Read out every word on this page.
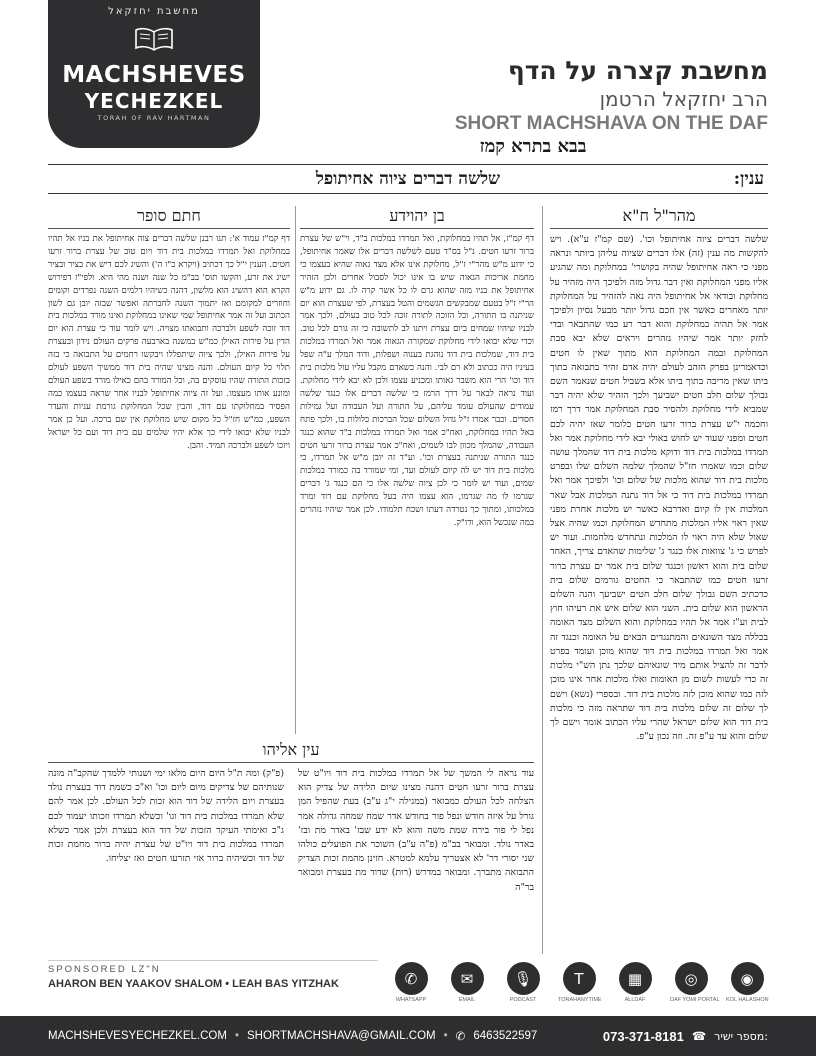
מחשבת יחזקאל
MACHSHEVES
YECHEZKEL
TORAH OF RAV HARTMAN
מחשבת קצרה על הדף
הרב יחזקאל הרטמן
SHORT MACHSHAVA ON THE DAF
בבא בתרא קמז
ענין:
שלשה דברים ציוה אחיתופל
מהר"ל ח"א
שלשה דברים ציוה אחיתופל וכו'. (שם קמ"ז ע"א). ויש להקשות מה ענין (זה) אלו דברים שציוה עליהן ביותר ונראה מפני כי ראה אחיתופל שהיה בקושרי' במחלוקת ומה שהגיע אליו מפני המחלוקת ואין דבר גדול מזה ולפיכך היה מזהיר על מחלוקת ובודאי אל אחיתופל היה נאה להזהיר על המחלוקת יותר מאחרים כאשר אין חכם גדול יותר מבעל נסיון ולפיכך אמר אל תהיה במחלוקת והוא דבר רע כמו שהתבאר ובדי לחזק יותר אמר שיהיו נזהרים ויראים שלא יבא סבת המחלוקת ובמה המחלוקת הוא מתוך שאין לו חטים וכדאמרינן בפרק הזהב לעולם יהיה אדם זהיר בתבואה בתוך ביתו שאין מריבה בתוך ביתו אלא בשביל חטים שנאמר השם גבולך שלום חלב חטים ישביעך ולכך הזהיר שלא יהיה דבר שמביא לידי מחלוקת ולהסיר סבת המחלוקת אמר דרך רמז וחכמה י"ש עצרת ברור זרעו חטים כלומר שאז יהיה לכם חטים ומפני שעוד יש לחוש באולי יבא לידי מחלוקת אמר ואל תמרדו במלכות בית דוד ודוקא מלכות בית דוד שהמלך עושה שלום וכמו שאמרו חז"ל שהמלך שלמה השלום שלו ובפרט מלכות בית דוד שהוא מלכות של שלום וכו' ולפיכך אמר ואל תמרדו במלכות בית דוד כי אל דוד נתנה המלכות אבל שאר המלכות אין לו קיום ואדרבא כאשר יש מלכות אחרת מפני שאין ראוי אליו המלכות מתחדש המחלוקת וכמו שהיה אצל שאול שלא היה ראוי לו המלכות ונתחדש מלחמות. ועוד יש לפרש כי ג' צוואות אלו כנגד ג' שלימות שהאדם צריך, האחד שלום בית והוא ראשון וכנגד שלום בית אמר ים עצרת ברור זרעו חטים כמו שהתבאר כי החטים גורמים שלום בית כדכתיב השם גבולך שלום חלב חטים ישביעך והנה השלום הראשון הוא שלום בית. השני הוא שלום איש את רעיהו חוץ לבית וע"ז אמר אל תהיו במחלוקת והוא השלום מצד האומה בכללה מצד השונאים והמתנגדים הבאים על האומה וכנגד זה אמר ואל תמרדו במלכות בית דוד שהוא מוכן ועומד בפרט לדבר זה להציל אותם מיד שונאיהם שלכך נתן הש"י מלכות זה כדי לעשות לשום מן האומות ואלו מלכות אחר אינו מוכן לזה כמו שהוא מוכן לזה מלכות בית דוד. ובספרי (נשא) וישם לך שלום זה שלום מלכות בית דוד שתראה מזה כי מלכות בית דוד הוא שלום ישראל שהרי עליו הכתוב אומר וישם לך שלום והוא עד ע"פ זה. וזה נכון ע"פ.
בן יהוידע
דף קמ"ז, אל תהיו במחלוקת, ואל תמרדו במלכות ב"ד, וי"ש של עצרת ברור זרעו חטים. נ"ל בס"ד טעם לשלשה דברים אלו שאמר אחיתופל, כי ידוע מ"ש מהר"י ז"ל, מחלוקת אינו אלא מצד גאוה שהיא בעצמו כי מחמת אריכות הגאוה שיש בו אינו יכול לסבול אחרים ולכן הזהיר אחיתופל את בניו מזה שהוא גרם לו כל אשר קרה לו. גם ידוע מ"ש הר"י ז"ל בטעם שמבקשים הגשמים והטל בעצרת, לפי שעצרת הוא יום שניתנה בו התורה, וכל הזוכה לתורה זוכה לכל טוב בעולם, ולכך אמר לבניו שיהיו שמחים ביום עצרת ויתנו לב לתשובה כי זה גורם לכל טוב. וכדי שלא יבואו לידי מחלוקת שמקורה הגאוה אמר ואל תמרדו במלכות בית דוד, שמלכות בית דוד נוהגת בענוה ושפלות, ודוד המלך ע"ה שפל בעיניו היה ככתוב ולא רם לבי. והנה כשאדם מקבל עליו עול מלכות בית דוד וכו' הרי הוא משבר גאותו ומכניע עצמו ולכן לא יבא לידי מחלוקת. ועוד נראה לבאר על דרך הרמז כי שלשה דברים אלו כנגד שלשה עמודים שהעולם עומד עליהם, על התורה ועל העבודה ועל גמילות חסדים. וכבר אמרו ז"ל גדול השלום שכל הברכות כלולות בו, ולכך פתח באל תהיו במחלוקת, ואח"כ אמר ואל תמרדו במלכות ב"ד שהוא כנגד העבודה, שהמלך מכוון לבו לשמים, ואח"כ אמר עצרת ברור זרעו חטים כנגד התורה שניתנה בעצרת וכו'. וע"ד זה יובן מ"ש אל תמרדו, כי מלכות בית דוד יש לה קיום לעולם ועד, ומי שמורד בה כמורד במלכות שמים, ועוד יש לומר כי לכן ציוה שלשה אלו כי הם כנגד ג' דברים שגרמו לו מה שגרמו, הוא עצמו היה בעל מחלוקת עם דוד ומרד במלכותו, ומתוך כך נטרדה דעתו ושכח תלמודו. לכן אמר שיהיו נזהרים במה שנכשל הוא, ודו"ק.
חתם סופר
דף קמ"ז עמוד א': תנו רבנן שלשה דברים צוה אחיתופל את בניו אל תהיו במחלוקת ואל תמרדו במלכות בית דוד ויום טוב של עצרת ברור זרעו חטים. הענין י"ל כך דכתיב (ויקרא כ"ו ה') והשיג לכם דיש את בציר ובציר ישיג את זרע, והקשו תוס' בב"מ כל שנה ושנה מהי היא. ולפי"ז דפירוש הקרא הוא דהשיג הוא מלשון, דהנה כשיהיו דלמים השנה נפרדים וקומים וחוזרים למקומם ואז יתמוך השנה לחברתה ואפשר שבזה יובן גם לשון הכתוב ועל זה אמר אחיתופל שמי שאינו במחלוקת ואינו מורד במלכות בית דוד זוכה לשפע ולברכה ותבואתו מצויה. ויש לומר עוד כי עצרת הוא יום הדין על פירות האילן כמ"ש במשנה בארבעה פרקים העולם נידון ובעצרת על פירות האילן, ולכך ציוה שיתפללו ויבקשו רחמים על התבואה כי בזה תלוי כל קיום העולם. והנה מצינו שהיה בית דוד ממשיך השפע לעולם בזכות התורה שהיו עוסקים בה, וכל המורד בהם כאילו מורד בשפע העולם ומונע אותו מעצמו. ועל זה ציוה אחיתופל לבניו אחר שראה בעצמו כמה הפסיד במחלוקתו עם דוד, והבין שכל המחלוקת גורמת עניות והעדר השפע, כמ"ש חז"ל כל מקום שיש מחלוקת אין שם ברכה. ועל כן אמר לבניו שלא יבואו לידי כך אלא יהיו שלמים עם בית דוד ועם כל ישראל ויזכו לשפע ולברכה תמיד. והבן.
עין אליהו
עוד נראה לי המשך של אל תמרדו במלכות בית דוד ויו"ט של עצרת ברור זרעו חטים דהנה מצינו שיום הלידה של צדיק הוא הצלחה לכל העולם כמבואר (במגילה י"ג ע"ב) בעת שהפיל המן גורל על איזה חודש ונפל פור בחודש אדר שמח שמחה גדולה אמר נפל לי פור בירח שמת משה והוא לא ידע שבז' באדר מת ובז' באדר נולד. ומבואר בב"מ (פ"ה ע"ב) השוכר את הפועלים כולהו שני יסורי דר' לא אצטריך עלמא למטרא. חזינן מהמת זכות הצדיק התבואה מתברך. ומבואר במדרש (רות) שדוד מת בעצרת ומבואר בר"ה
(פ"ק) ומה ת"ל היום היום מלאו ימי ושנותי ללמדך שהקב"ה מונה שנותיהם של צדיקים מיום ליום וכו' וא"כ כשמת דוד בעצרת נולד בעצרת ויום הלידה של דוד הוא זכות לכל העולם. לכן אמר להם שלא תמרדו במלכות בית דוד וגו' וכשלא תמרדו וזכותו יעמוד לכם ג"כ ואימתי העיקר הזכות של דוד הוא בעצרת ולכן אמר כשלא תמרדו במלכות בית דוד ויו"ט של עצרת יהיה ברור מחמת זכות של דוד וכשיהיה ברור אזי תזרעו חטים ואז יצליחו.
SPONSORED LZ"N
AHARON BEN YAAKOV SHALOM • LEAH BAS YITZHAK	✆
WHATSAPP
✉
EMAIL
🎙
PODCAST
T
TORAHANYTIME
▦
ALLDAF
◎
DAF YOMI PORTAL
◉
KOL HALASHON
MACHSHEVESYECHEZKEL.COM • SHORTMACHSHAVA@GMAIL.COM • ✆ 6463522597	073-371-8181 ☎ מספר ישיר:
